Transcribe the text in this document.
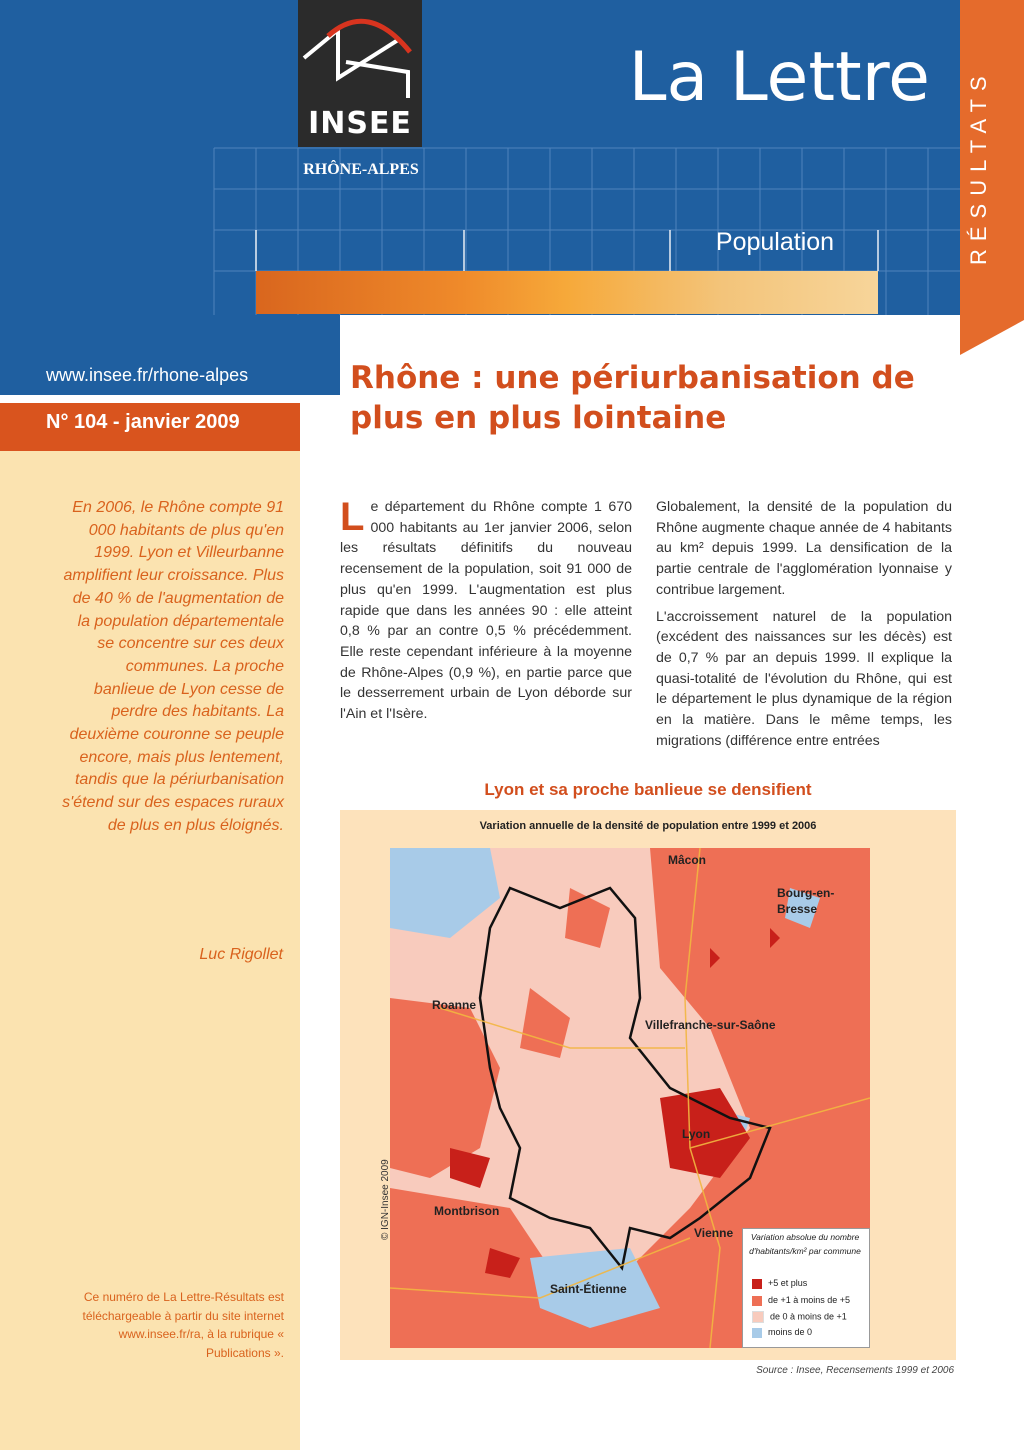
INSEE
RHÔNE-ALPES
La Lettre
Population	RÉSULTATS
www.insee.fr/rhone-alpes
N° 104 - janvier 2009
En 2006, le Rhône compte 91 000 habitants de plus qu'en 1999. Lyon et Villeurbanne amplifient leur croissance. Plus de 40 % de l'augmentation de la population départementale se concentre sur ces deux communes. La proche banlieue de Lyon cesse de perdre des habitants. La deuxième couronne se peuple encore, mais plus lentement, tandis que la périurbanisation s'étend sur des espaces ruraux de plus en plus éloignés.
Luc Rigollet
Ce numéro de La Lettre-Résultats est téléchargeable à partir du site internet www.insee.fr/ra, à la rubrique « Publications ».
Rhône : une périurbanisation de plus en plus lointaine
L e département du Rhône compte 1 670 000 habitants au 1er janvier 2006, selon les résultats définitifs du nouveau recensement de la population, soit 91 000 de plus qu'en 1999. L'augmentation est plus rapide que dans les années 90 : elle atteint 0,8 % par an contre 0,5 % précédemment. Elle reste cependant inférieure à la moyenne de Rhône-Alpes (0,9 %), en partie parce que le desserrement urbain de Lyon déborde sur l'Ain et l'Isère.

Globalement, la densité de la population du Rhône augmente chaque année de 4 habitants au km² depuis 1999. La densification de la partie centrale de l'agglomération lyonnaise y contribue largement.

L'accroissement naturel de la population (excédent des naissances sur les décès) est de 0,7 % par an depuis 1999. Il explique la quasi-totalité de l'évolution du Rhône, qui est le département le plus dynamique de la région en la matière. Dans le même temps, les migrations (différence entre entrées

Lyon et sa proche banlieue se densifient
Variation annuelle de la densité de population entre 1999 et 2006
Mâcon
Bourg-en-Bresse
Roanne
Villefranche-sur-Saône
Lyon
Montbrison
Vienne
Saint-Étienne
© IGN-Insee 2009	Variation absolue du nombre d'habitants/km² par commune
+5 et plus
de +1 à moins de +5
de 0 à moins de +1
moins de 0
Source : Insee, Recensements 1999 et 2006
